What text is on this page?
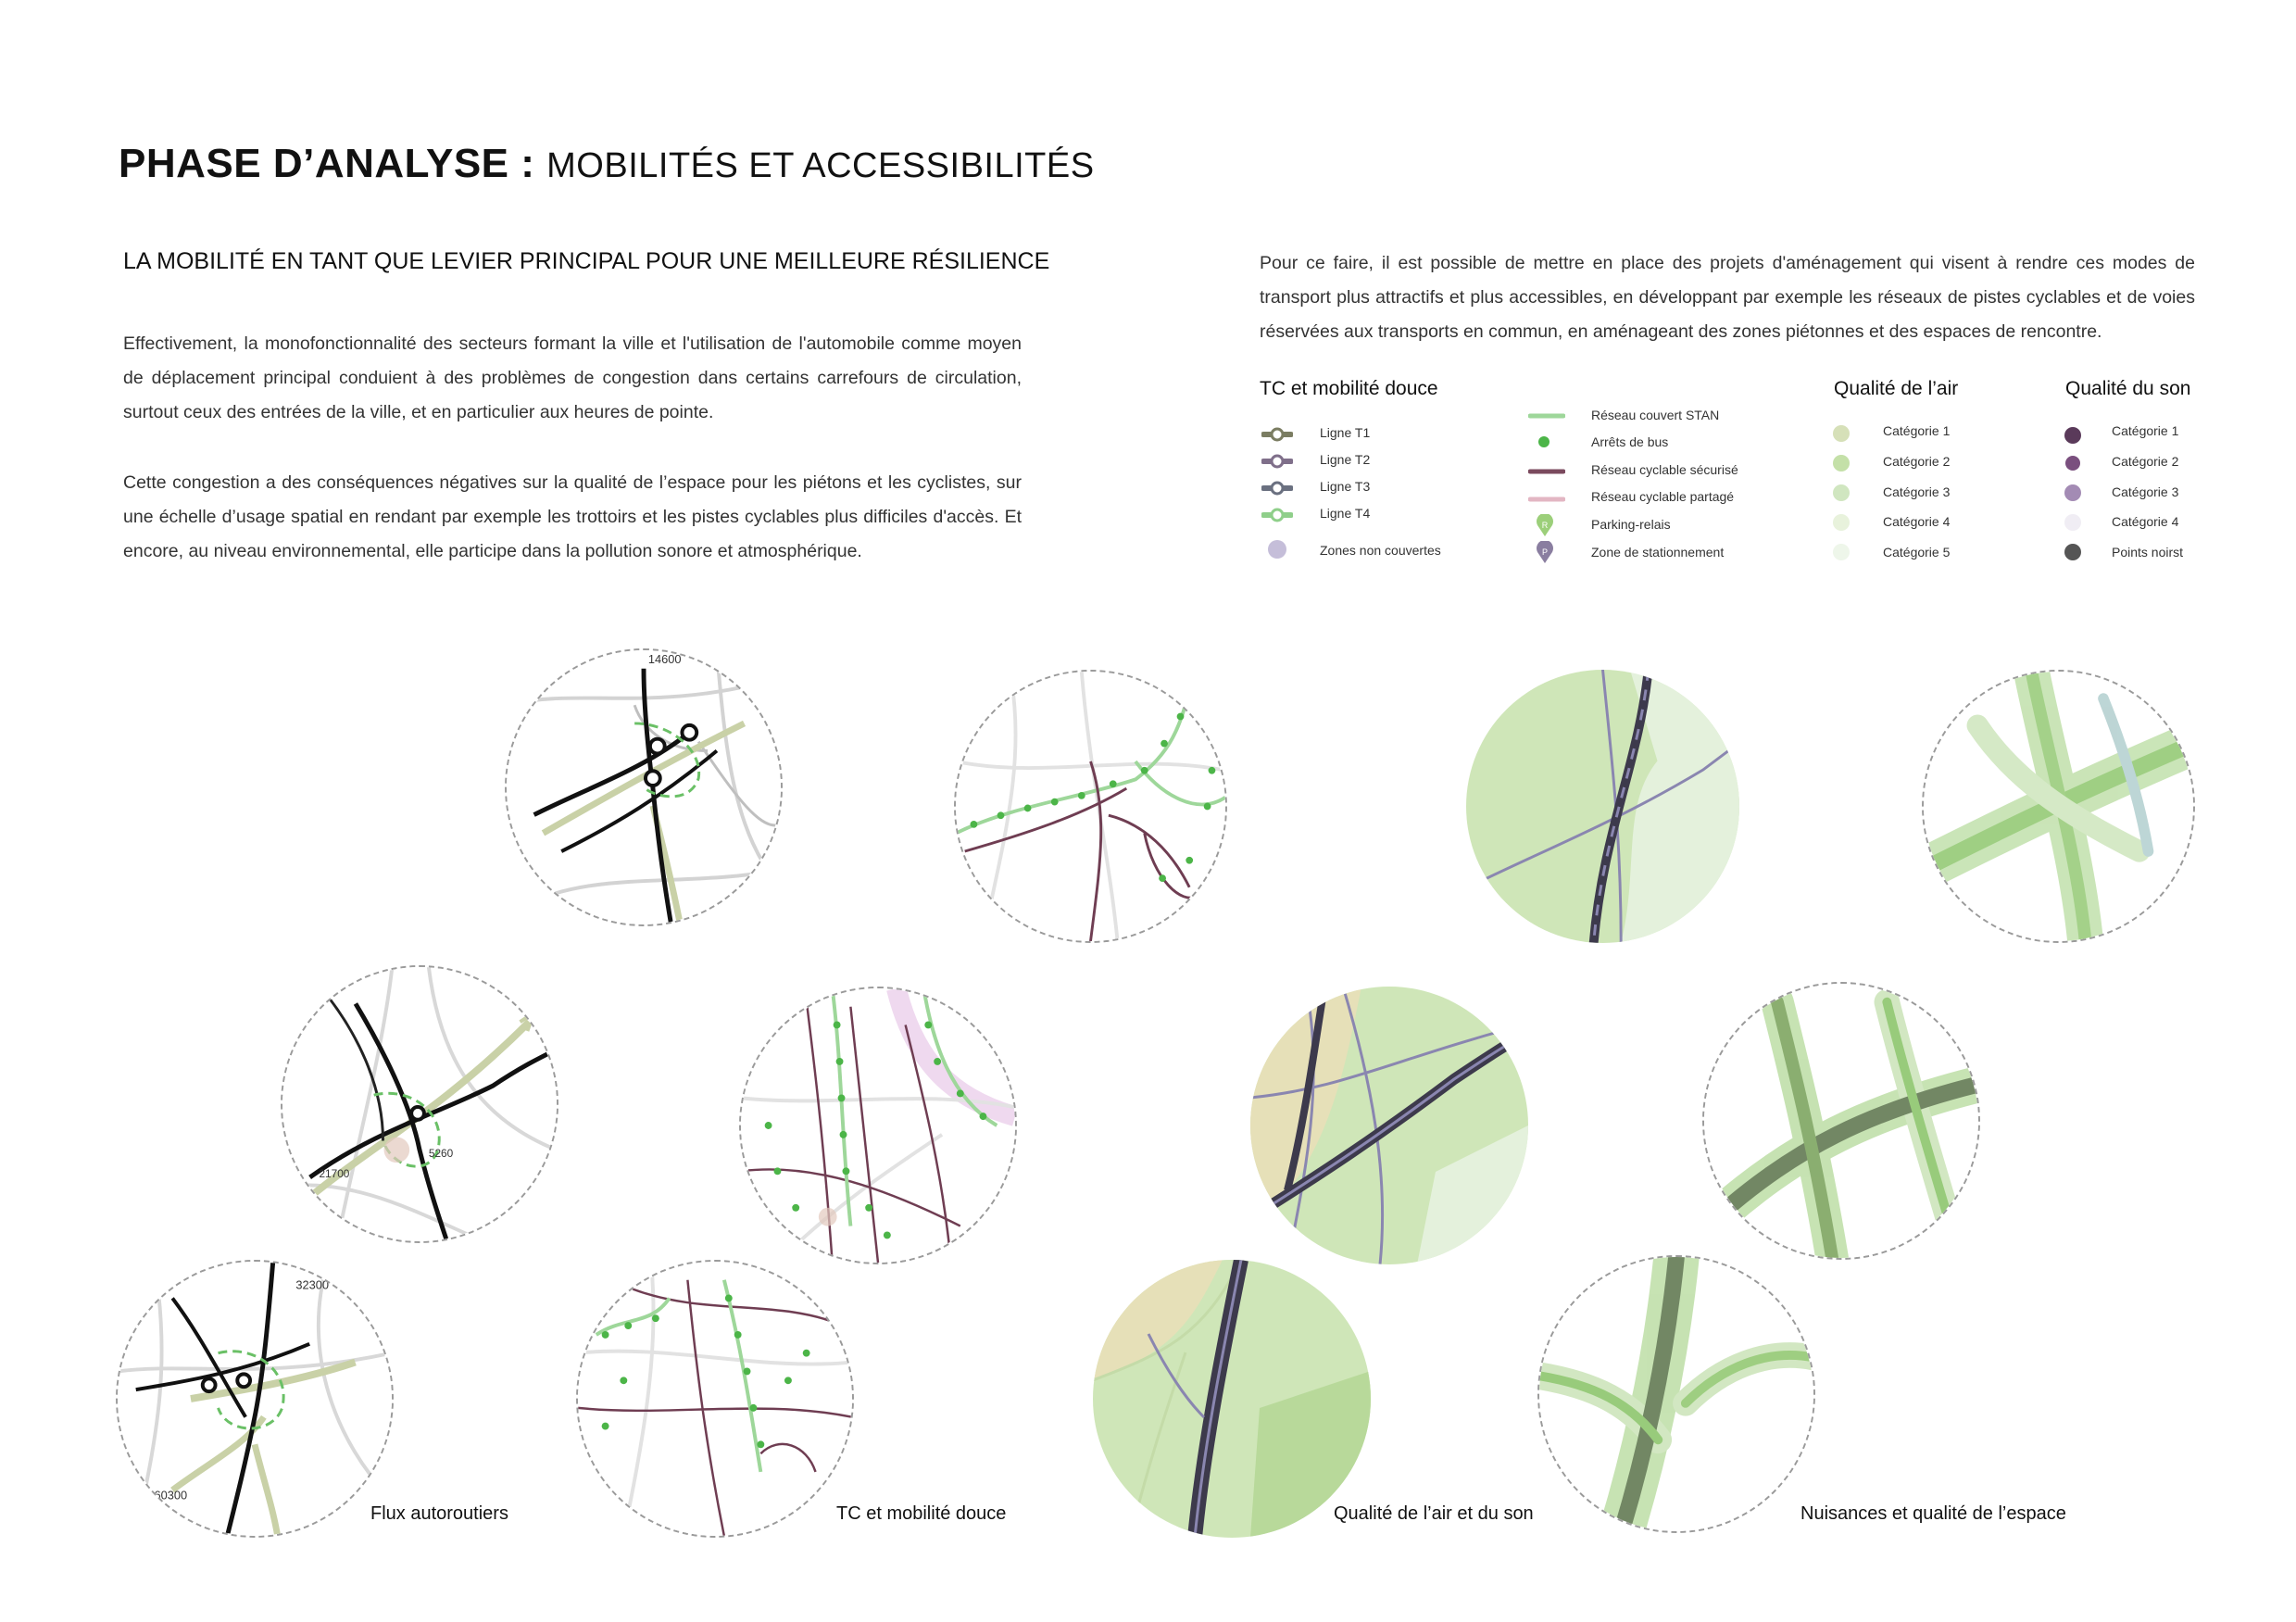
PHASE D’ANALYSE : MOBILITÉS ET ACCESSIBILITÉS
LA MOBILITÉ EN TANT QUE LEVIER PRINCIPAL POUR UNE MEILLEURE RÉSILIENCE
Effectivement, la monofonctionnalité des secteurs formant la ville et l'utilisation de l'automobile comme moyen de déplacement principal conduient à des problèmes de congestion dans certains carrefours de circulation, surtout ceux des entrées de la ville, et en particulier aux heures de pointe.
Cette congestion a des conséquences négatives sur la qualité de l’espace pour les piétons et les cyclistes, sur une échelle d’usage spatial en rendant par exemple les trottoirs et les pistes cyclables plus difficiles d'accès. Et encore, au niveau environnemental, elle participe dans la pollution sonore et atmosphérique.
Pour ce faire, il est possible de mettre en place des projets d'aménagement qui visent à rendre ces modes de transport plus attractifs et plus accessibles, en développant par exemple les réseaux de pistes cyclables et de voies réservées aux transports en commun, en aménageant des zones piétonnes et des espaces de rencontre.
TC et mobilité douce
Ligne T1
Ligne T2
Ligne T3
Ligne T4
Zones non couvertes
Réseau couvert STAN
Arrêts de bus
Réseau cyclable sécurisé
Réseau cyclable partagé
R	Parking-relais
P	Zone de stationnement
Qualité de l’air
Catégorie 1
Catégorie 2
Catégorie 3
Catégorie 4
Catégorie 5
Qualité du son
Catégorie 1
Catégorie 2
Catégorie 3
Catégorie 4
Points noirst
14600
21700
5260
32300
60300
Flux autoroutiers	TC et mobilité douce	Qualité de l’air et du son	Nuisances et qualité de l’espace
